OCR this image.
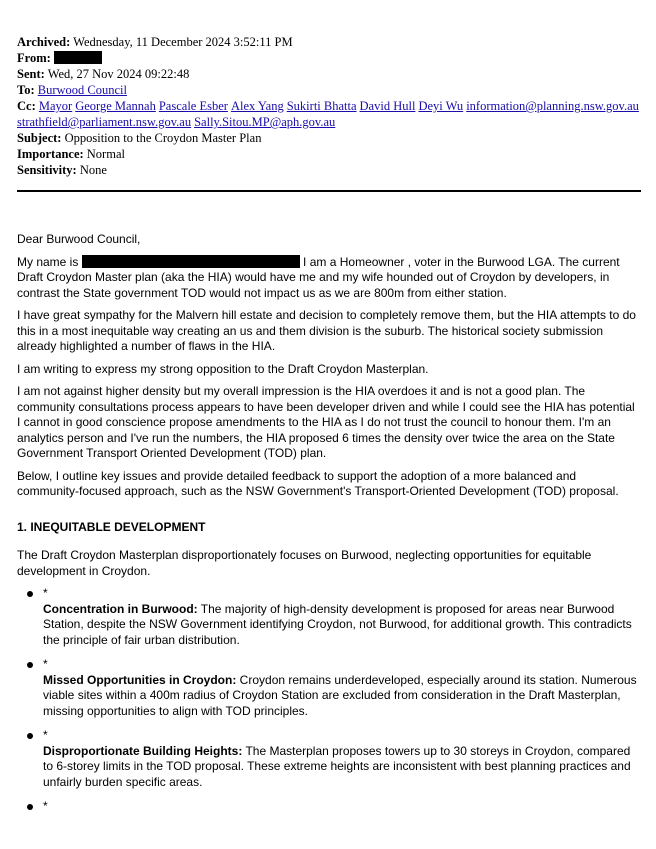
Archived: Wednesday, 11 December 2024 3:52:11 PM
From:
Sent: Wed, 27 Nov 2024 09:22:48
To: Burwood Council
Cc: Mayor George Mannah Pascale Esber Alex Yang Sukirti Bhatta David Hull Deyi Wu information@planning.nsw.gov.au
strathfield@parliament.nsw.gov.au Sally.Sitou.MP@aph.gov.au
Subject: Opposition to the Croydon Master Plan
Importance: Normal
Sensitivity: None

Dear Burwood Council,

My name is	I am a Homeowner , voter in the Burwood LGA. The current Draft Croydon Master plan (aka the HIA) would have me and my wife hounded out of Croydon by developers, in contrast the State government TOD would not impact us as we are 800m from either station.

I have great sympathy for the Malvern hill estate and decision to completely remove them, but the HIA attempts to do this in a most inequitable way creating an us and them division is the suburb. The historical society submission already highlighted a number of flaws in the HIA.

I am writing to express my strong opposition to the Draft Croydon Masterplan.

I am not against higher density but my overall impression is the HIA overdoes it and is not a good plan. The community consultations process appears to have been developer driven and while I could see the HIA has potential I cannot in good conscience propose amendments to the HIA as I do not trust the council to honour them. I'm an analytics person and I've run the numbers, the HIA proposed 6 times the density over twice the area on the State Government Transport Oriented Development (TOD) plan.

Below, I outline key issues and provide detailed feedback to support the adoption of a more balanced and community-focused approach, such as the NSW Government's Transport-Oriented Development (TOD) proposal.

1. INEQUITABLE DEVELOPMENT

The Draft Croydon Masterplan disproportionately focuses on Burwood, neglecting opportunities for equitable development in Croydon.

*
Concentration in Burwood: The majority of high-density development is proposed for areas near Burwood Station, despite the NSW Government identifying Croydon, not Burwood, for additional growth. This contradicts the principle of fair urban distribution.
*
Missed Opportunities in Croydon: Croydon remains underdeveloped, especially around its station. Numerous viable sites within a 400m radius of Croydon Station are excluded from consideration in the Draft Masterplan, missing opportunities to align with TOD principles.
*
Disproportionate Building Heights: The Masterplan proposes towers up to 30 storeys in Croydon, compared to 6-storey limits in the TOD proposal. These extreme heights are inconsistent with best planning practices and unfairly burden specific areas.
*
